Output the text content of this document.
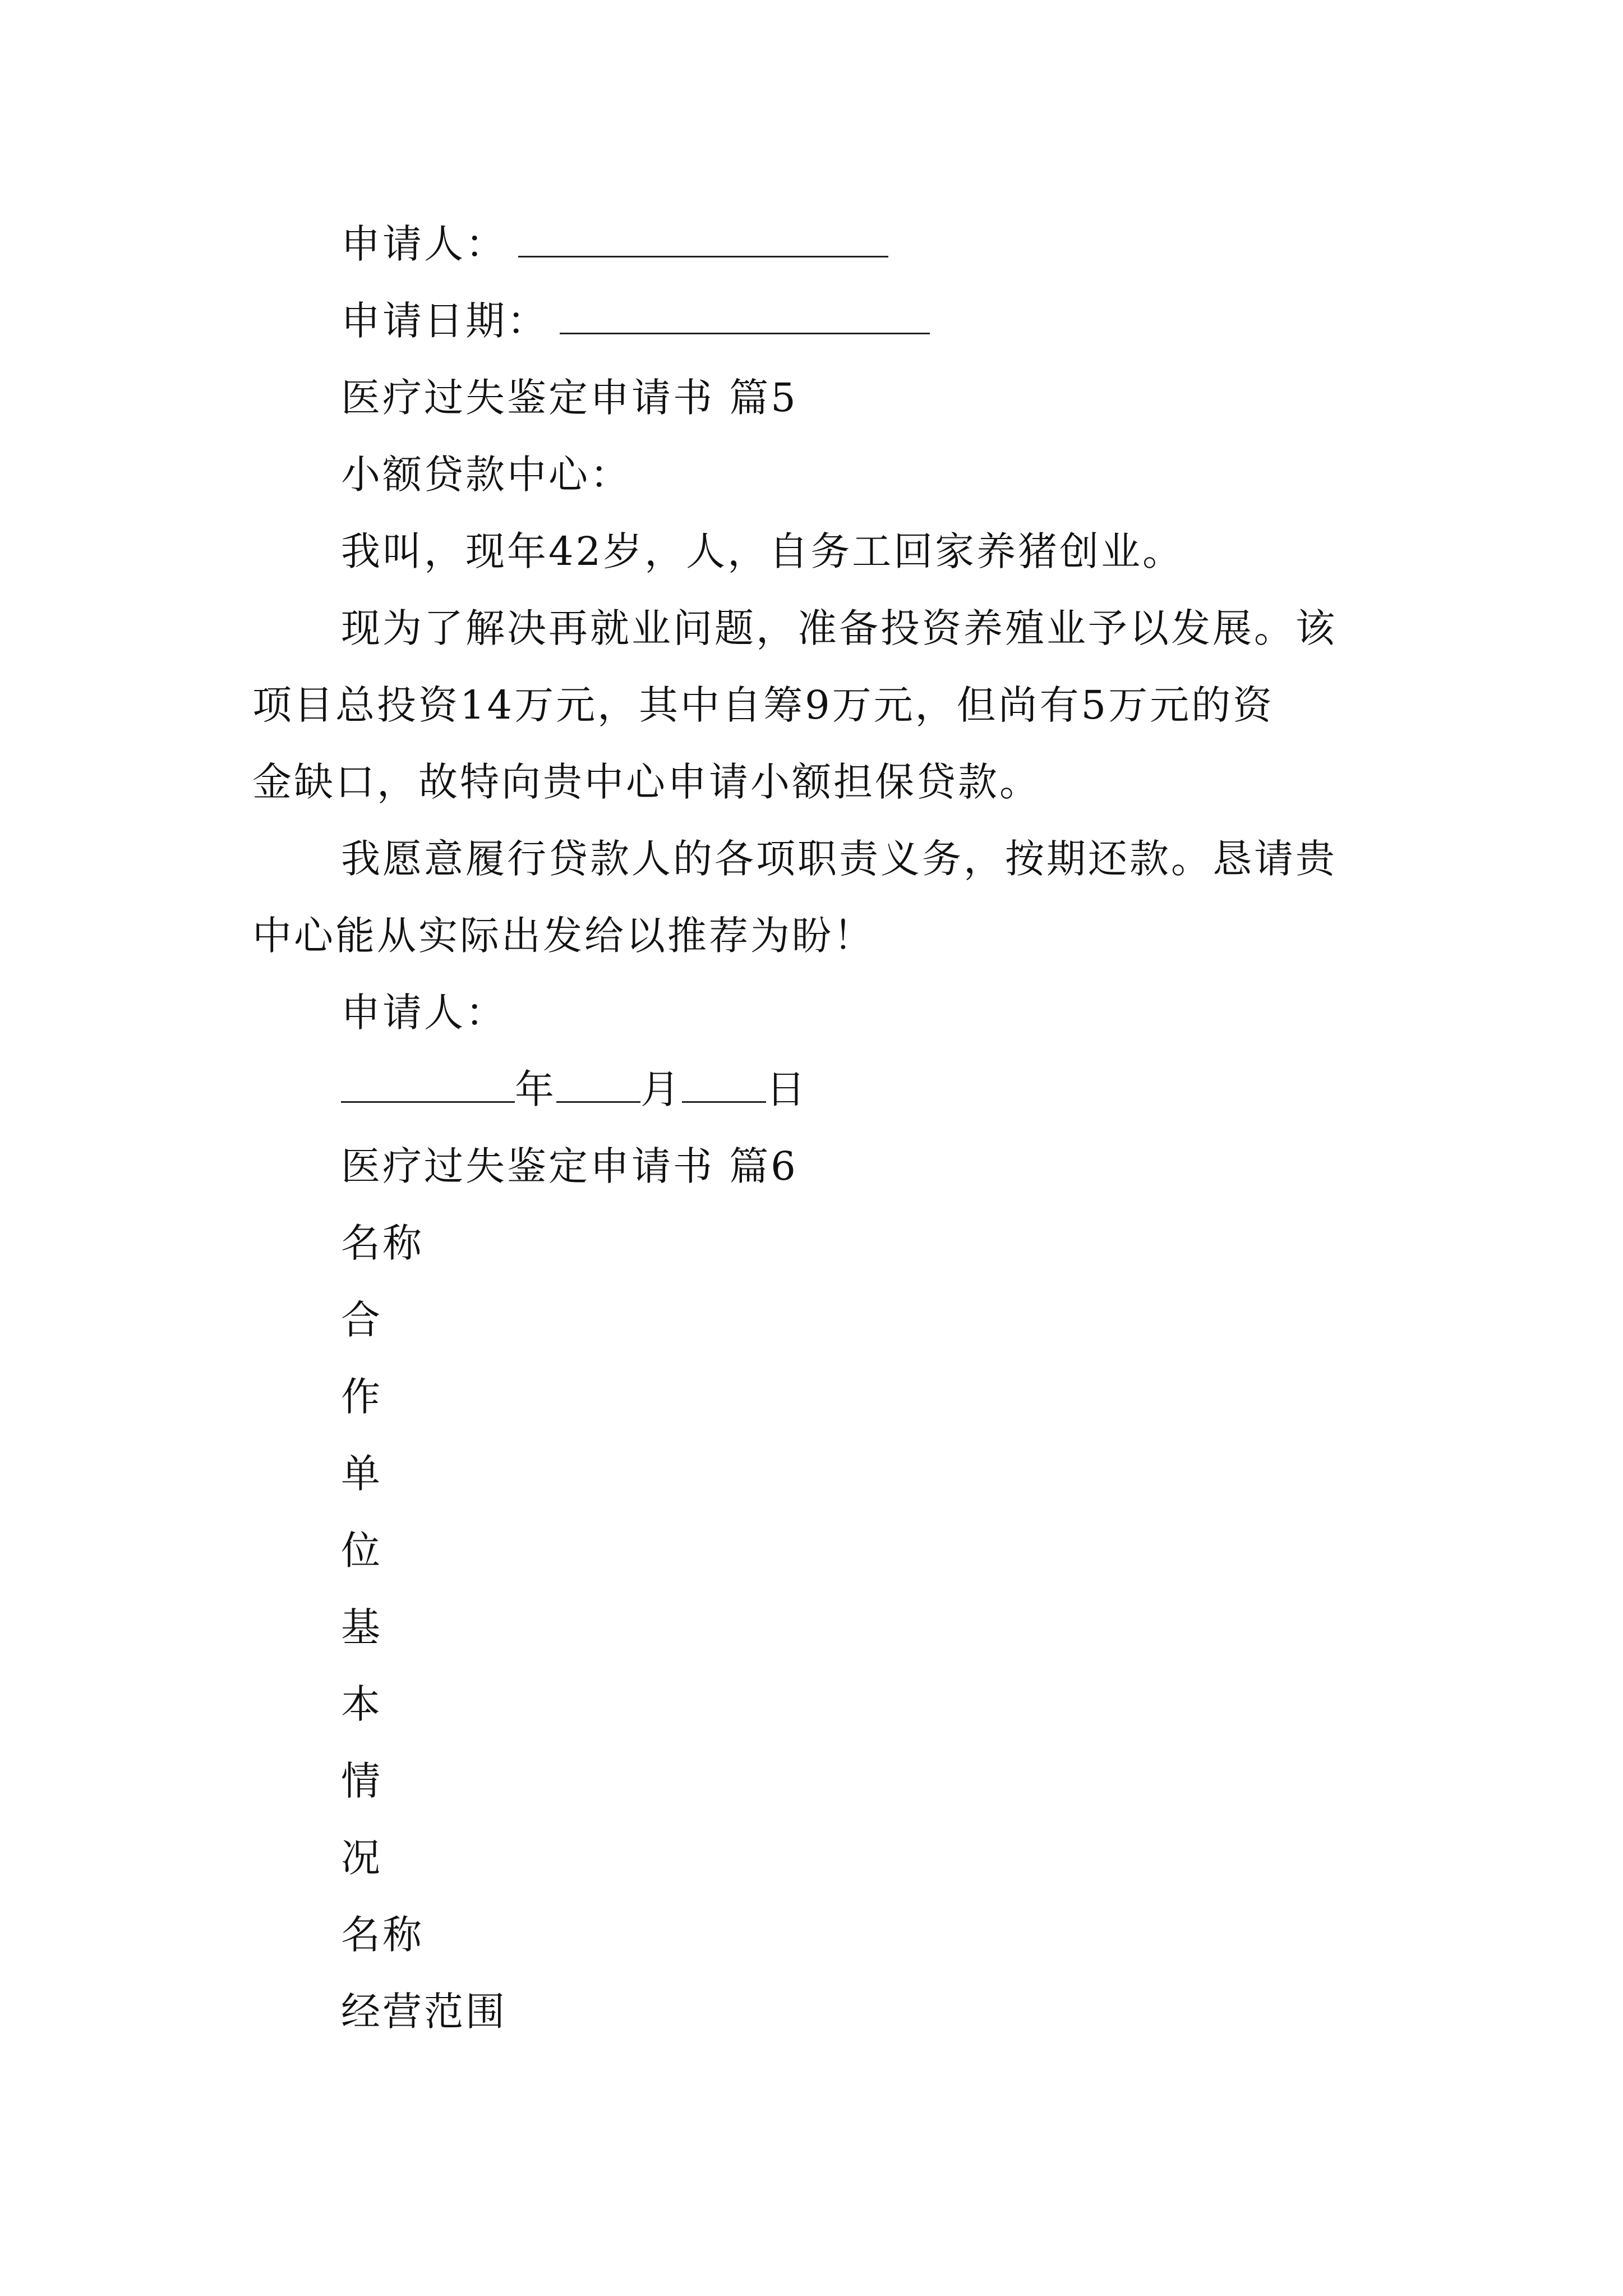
申请人：
申请日期：
医疗过失鉴定申请书 篇5
小额贷款中心：
我叫，现年42岁，人，自务工回家养猪创业。
现为了解决再就业问题，准备投资养殖业予以发展。该
项目总投资14万元，其中自筹9万元，但尚有5万元的资
金缺口，故特向贵中心申请小额担保贷款。
我愿意履行贷款人的各项职责义务，按期还款。恳请贵
中心能从实际出发给以推荐为盼！
申请人：
年 月 日
医疗过失鉴定申请书 篇6
名称
合
作
单
位
基
本
情
况
名称
经营范围
